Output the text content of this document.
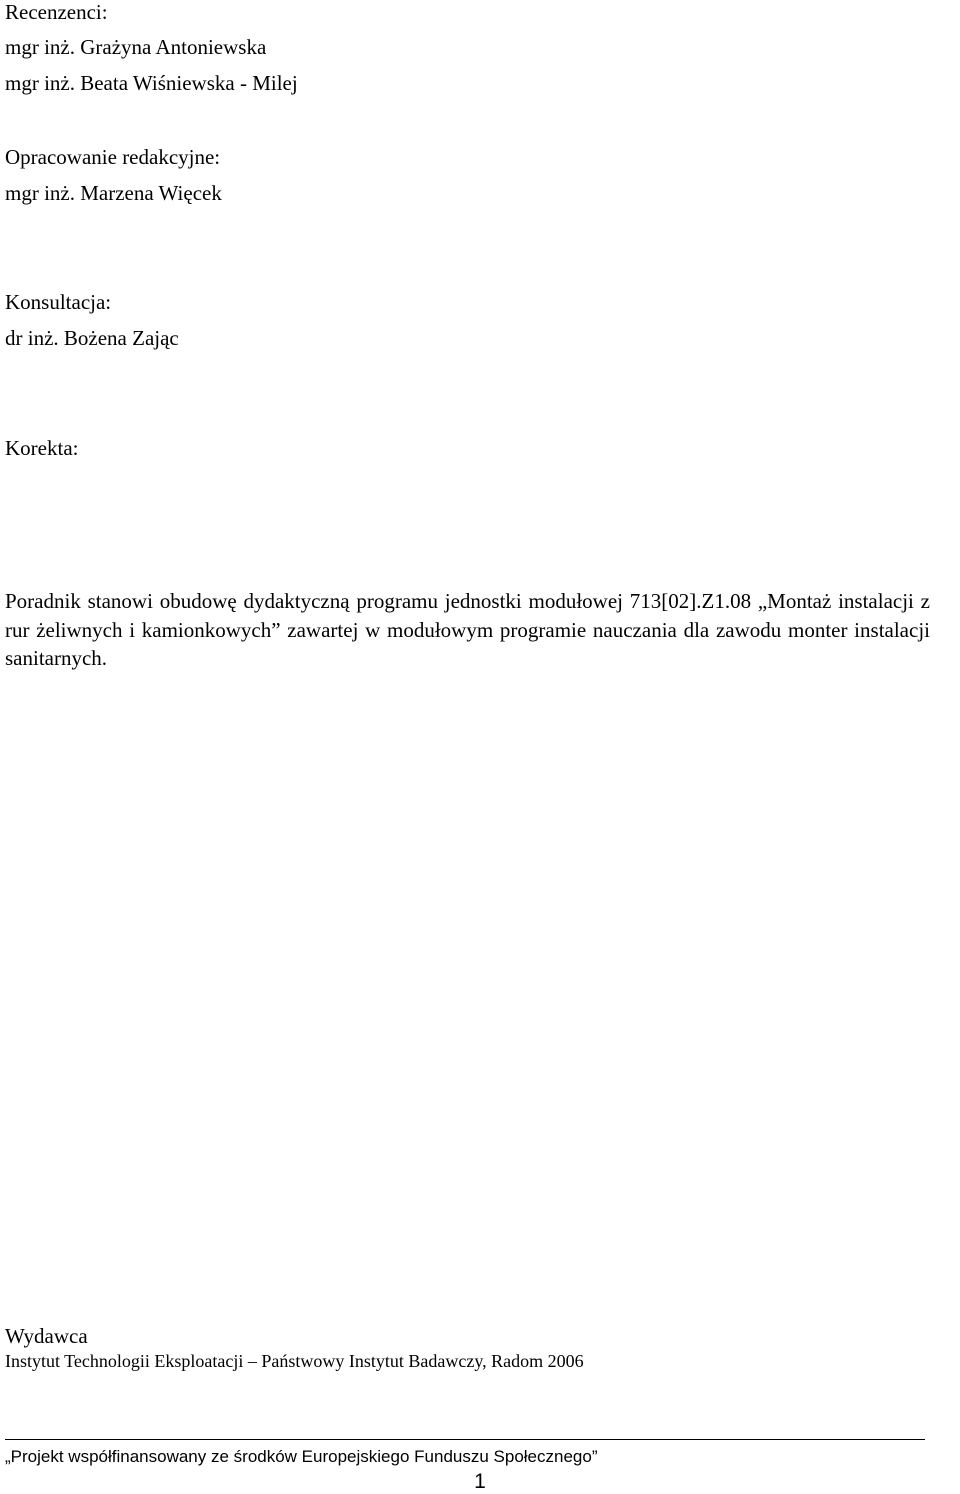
Recenzenci:

mgr inż. Grażyna Antoniewska

mgr inż. Beata Wiśniewska - Milej

Opracowanie redakcyjne:

mgr inż. Marzena Więcek

Konsultacja:

dr inż. Bożena Zając

Korekta:

Poradnik stanowi obudowę dydaktyczną programu jednostki modułowej 713[02].Z1.08 „Montaż instalacji z rur żeliwnych i kamionkowych” zawartej w modułowym programie nauczania dla zawodu monter instalacji sanitarnych.

Wydawca

Instytut Technologii Eksploatacji – Państwowy Instytut Badawczy, Radom 2006

„Projekt współfinansowany ze środków Europejskiego Funduszu Społecznego”
1
